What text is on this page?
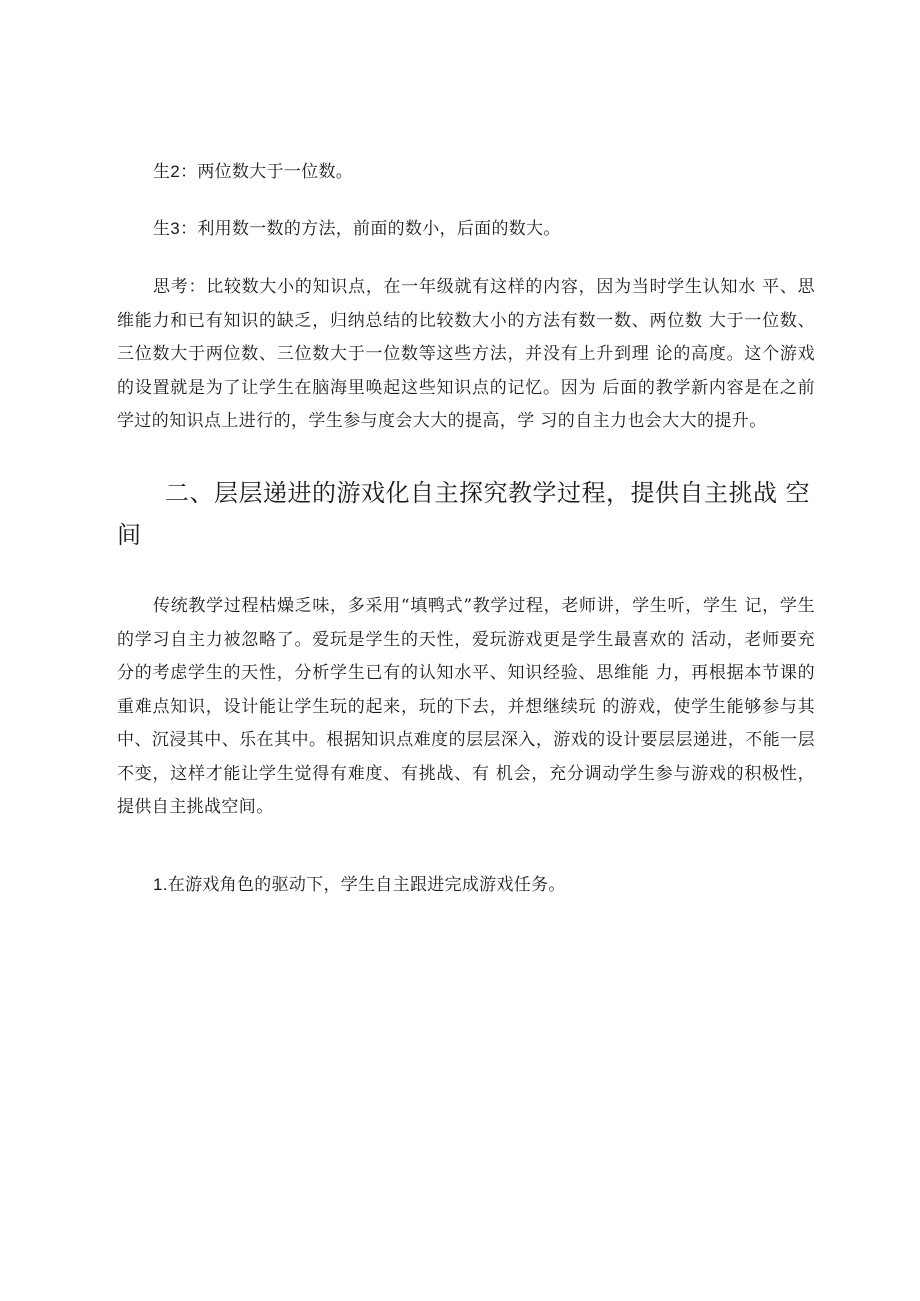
生2：两位数大于一位数。
生3：利用数一数的方法，前面的数小，后面的数大。

思考：比较数大小的知识点，在一年级就有这样的内容，因为当时学生认知水 平、思维能力和已有知识的缺乏，归纳总结的比较数大小的方法有数一数、两位数 大于一位数、三位数大于两位数、三位数大于一位数等这些方法，并没有上升到理 论的高度。这个游戏的设置就是为了让学生在脑海里唤起这些知识点的记忆。因为 后面的教学新内容是在之前学过的知识点上进行的，学生参与度会大大的提高，学 习的自主力也会大大的提升。

二、层层递进的游戏化自主探究教学过程，提供自主挑战 空间

传统教学过程枯燥乏味，多采用“填鸭式”教学过程，老师讲，学生听，学生 记，学生的学习自主力被忽略了。爱玩是学生的天性，爱玩游戏更是学生最喜欢的 活动，老师要充分的考虑学生的天性，分析学生已有的认知水平、知识经验、思维能 力，再根据本节课的重难点知识，设计能让学生玩的起来，玩的下去，并想继续玩 的游戏，使学生能够参与其中、沉浸其中、乐在其中。根据知识点难度的层层深入，游戏的设计要层层递进，不能一层不变，这样才能让学生觉得有难度、有挑战、有 机会，充分调动学生参与游戏的积极性，提供自主挑战空间。

1.在游戏角色的驱动下，学生自主跟进完成游戏任务。
